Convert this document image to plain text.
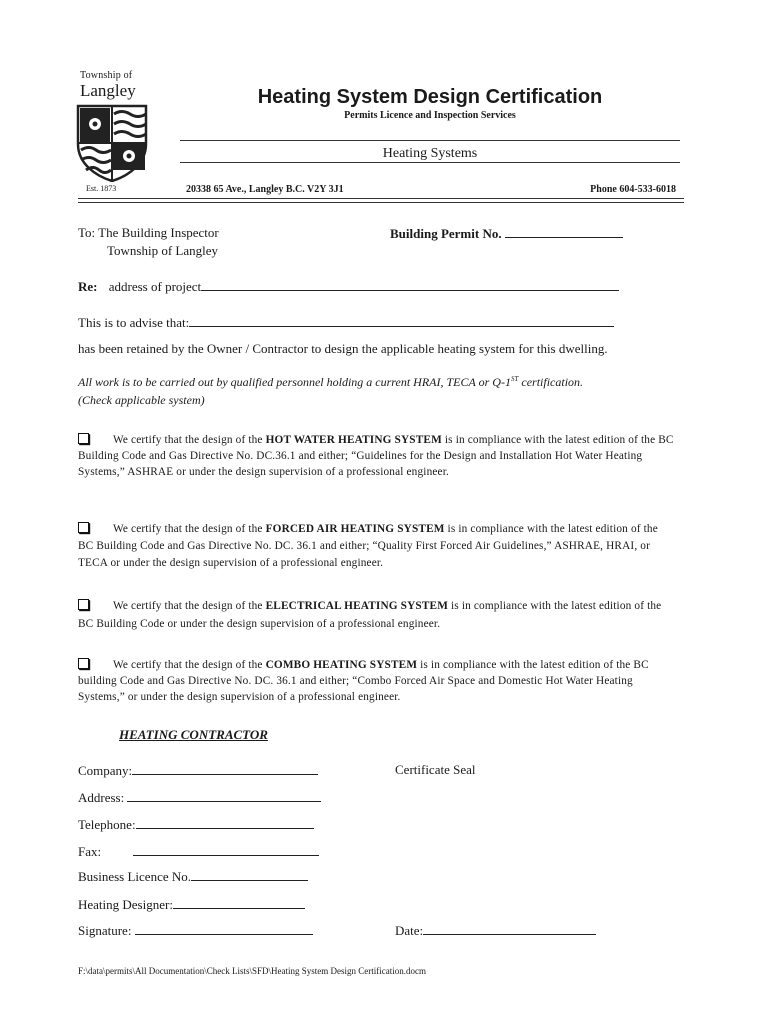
Township of
Langley
Est. 1873
Heating System Design Certification
Permits Licence and Inspection Services
Heating Systems
20338 65 Ave., Langley B.C. V2Y 3J1	Phone 604-533-6018
To: The Building Inspector
Township of Langley
Building Permit No.
Re: address of project
This is to advise that:
has been retained by the Owner / Contractor to design the applicable heating system for this dwelling.
All work is to be carried out by qualified personnel holding a current HRAI, TECA or Q-1ST certification.
(Check applicable system)
We certify that the design of the HOT WATER HEATING SYSTEM is in compliance with the latest edition of the BC Building Code and Gas Directive No. DC.36.1 and either; “Guidelines for the Design and Installation Hot Water Heating Systems,” ASHRAE or under the design supervision of a professional engineer.
We certify that the design of the FORCED AIR HEATING SYSTEM is in compliance with the latest edition of the BC Building Code and Gas Directive No. DC. 36.1 and either; “Quality First Forced Air Guidelines,” ASHRAE, HRAI, or TECA or under the design supervision of a professional engineer.
We certify that the design of the ELECTRICAL HEATING SYSTEM is in compliance with the latest edition of the BC Building Code or under the design supervision of a professional engineer.
We certify that the design of the COMBO HEATING SYSTEM is in compliance with the latest edition of the BC building Code and Gas Directive No. DC. 36.1 and either; “Combo Forced Air Space and Domestic Hot Water Heating Systems,” or under the design supervision of a professional engineer.
HEATING CONTRACTOR
Company:	Certificate Seal
Address:
Telephone:
Fax:
Business Licence No.
Heating Designer:
Signature:	Date:
F:\data\permits\All Documentation\Check Lists\SFD\Heating System Design Certification.docm
